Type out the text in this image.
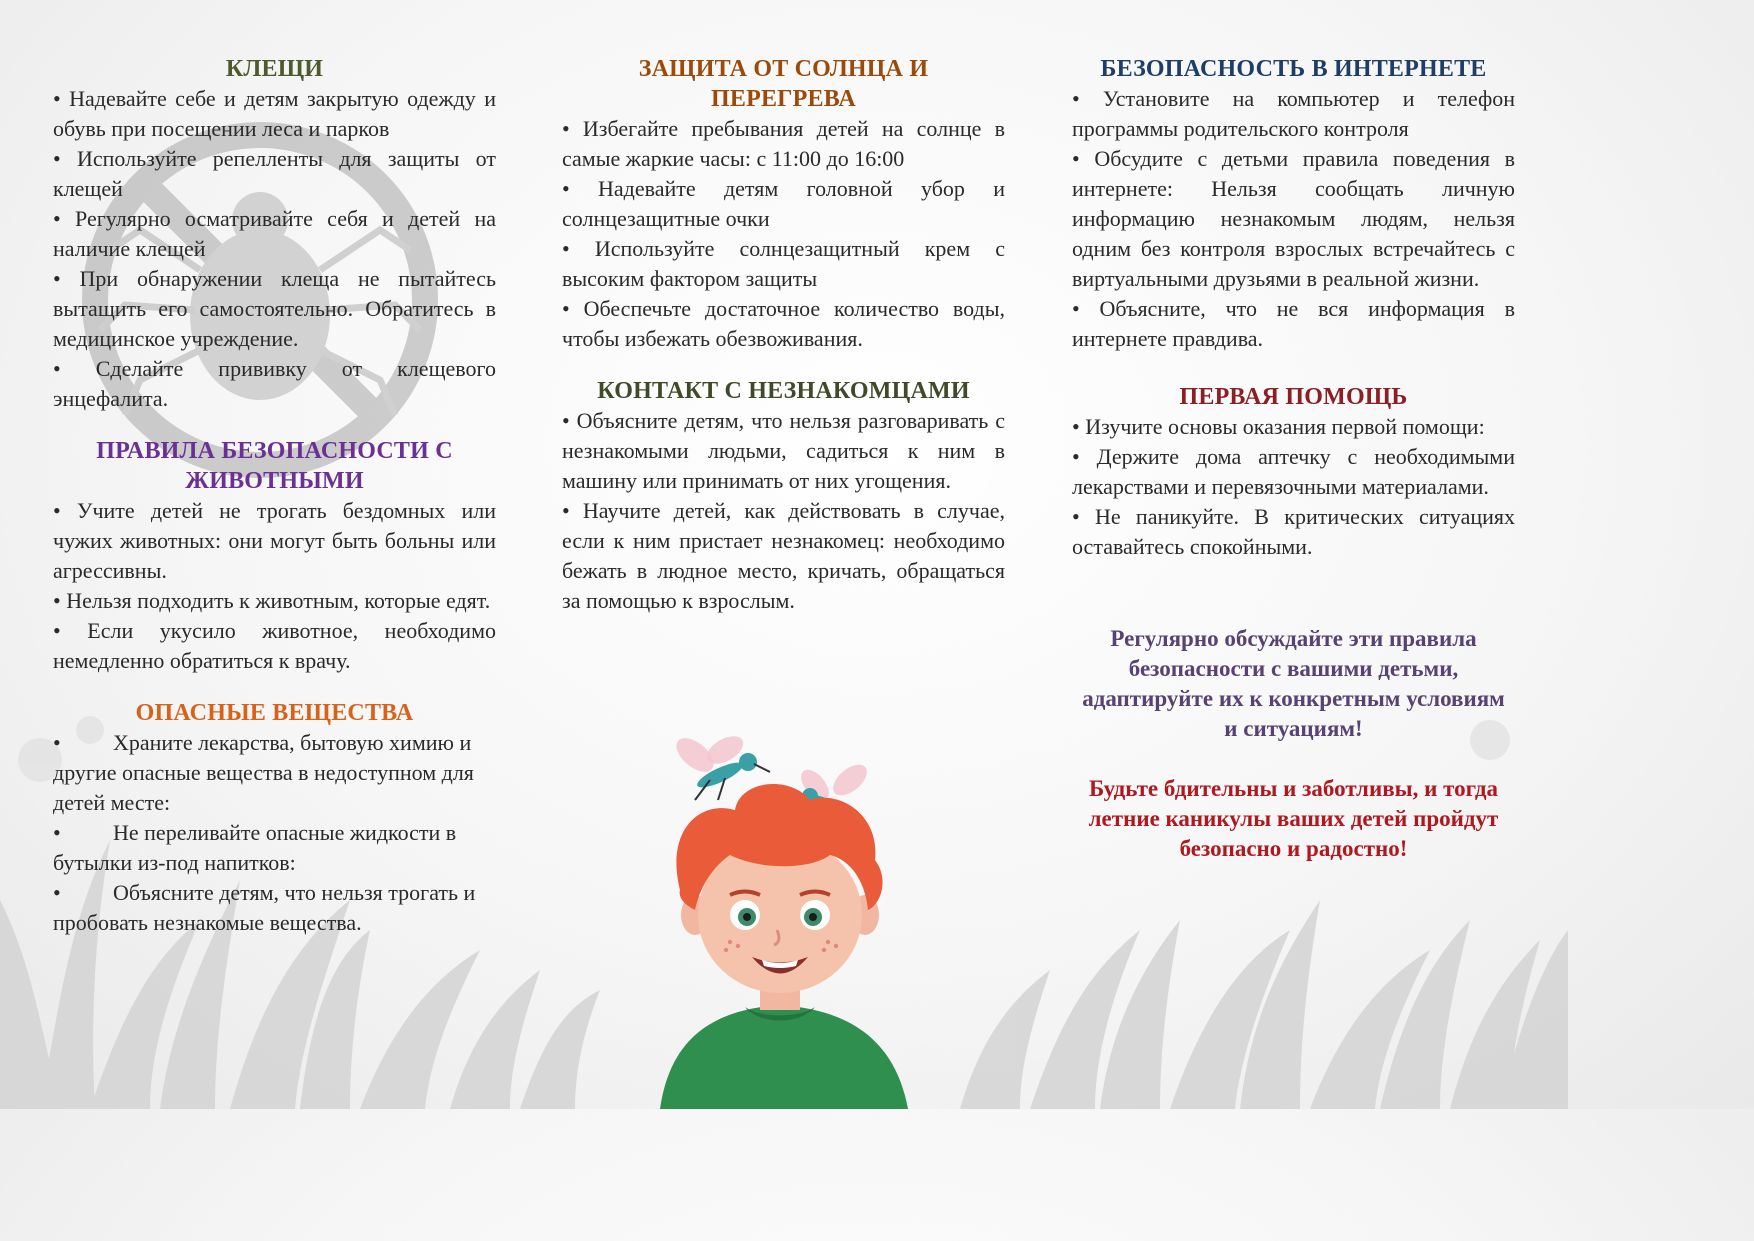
КЛЕЩИ

• Надевайте себе и детям закрытую одежду и обувь при посещении леса и парков

• Используйте репелленты для защиты от клещей

• Регулярно осматривайте себя и детей на наличие клещей

• При обнаружении клеща не пытайтесь вытащить его самостоятельно. Обратитесь в медицинское учреждение.

• Сделайте прививку от клещевого энцефалита.

ПРАВИЛА БЕЗОПАСНОСТИ С ЖИВОТНЫМИ

• Учите детей не трогать бездомных или чужих животных: они могут быть больны или агрессивны.

• Нельзя подходить к животным, которые едят.

• Если укусило животное, необходимо немедленно обратиться к врачу.

ОПАСНЫЕ ВЕЩЕСТВА

• Храните лекарства, бытовую химию и другие опасные вещества в недоступном для детей месте:

• Не переливайте опасные жидкости в бутылки из-под напитков:

• Объясните детям, что нельзя трогать и пробовать незнакомые вещества.

ЗАЩИТА ОТ СОЛНЦА И ПЕРЕГРЕВА

• Избегайте пребывания детей на солнце в самые жаркие часы: с 11:00 до 16:00

• Надевайте детям головной убор и солнцезащитные очки

• Используйте солнцезащитный крем с высоким фактором защиты

• Обеспечьте достаточное количество воды, чтобы избежать обезвоживания.

КОНТАКТ С НЕЗНАКОМЦАМИ

• Объясните детям, что нельзя разговаривать с незнакомыми людьми, садиться к ним в машину или принимать от них угощения.

• Научите детей, как действовать в случае, если к ним пристает незнакомец: необходимо бежать в людное место, кричать, обращаться за помощью к взрослым.

БЕЗОПАСНОСТЬ В ИНТЕРНЕТЕ

• Установите на компьютер и телефон программы родительского контроля

• Обсудите с детьми правила поведения в интернете: Нельзя сообщать личную информацию незнакомым людям, нельзя одним без контроля взрослых встречайтесь с виртуальными друзьями в реальной жизни.

• Объясните, что не вся информация в интернете правдива.

ПЕРВАЯ ПОМОЩЬ

• Изучите основы оказания первой помощи:

• Держите дома аптечку с необходимыми лекарствами и перевязочными материалами.

• Не паникуйте. В критических ситуациях оставайтесь спокойными.

Регулярно обсуждайте эти правила безопасности с вашими детьми, адаптируйте их к конкретным условиям и ситуациям!

Будьте бдительны и заботливы, и тогда летние каникулы ваших детей пройдут безопасно и радостно!
